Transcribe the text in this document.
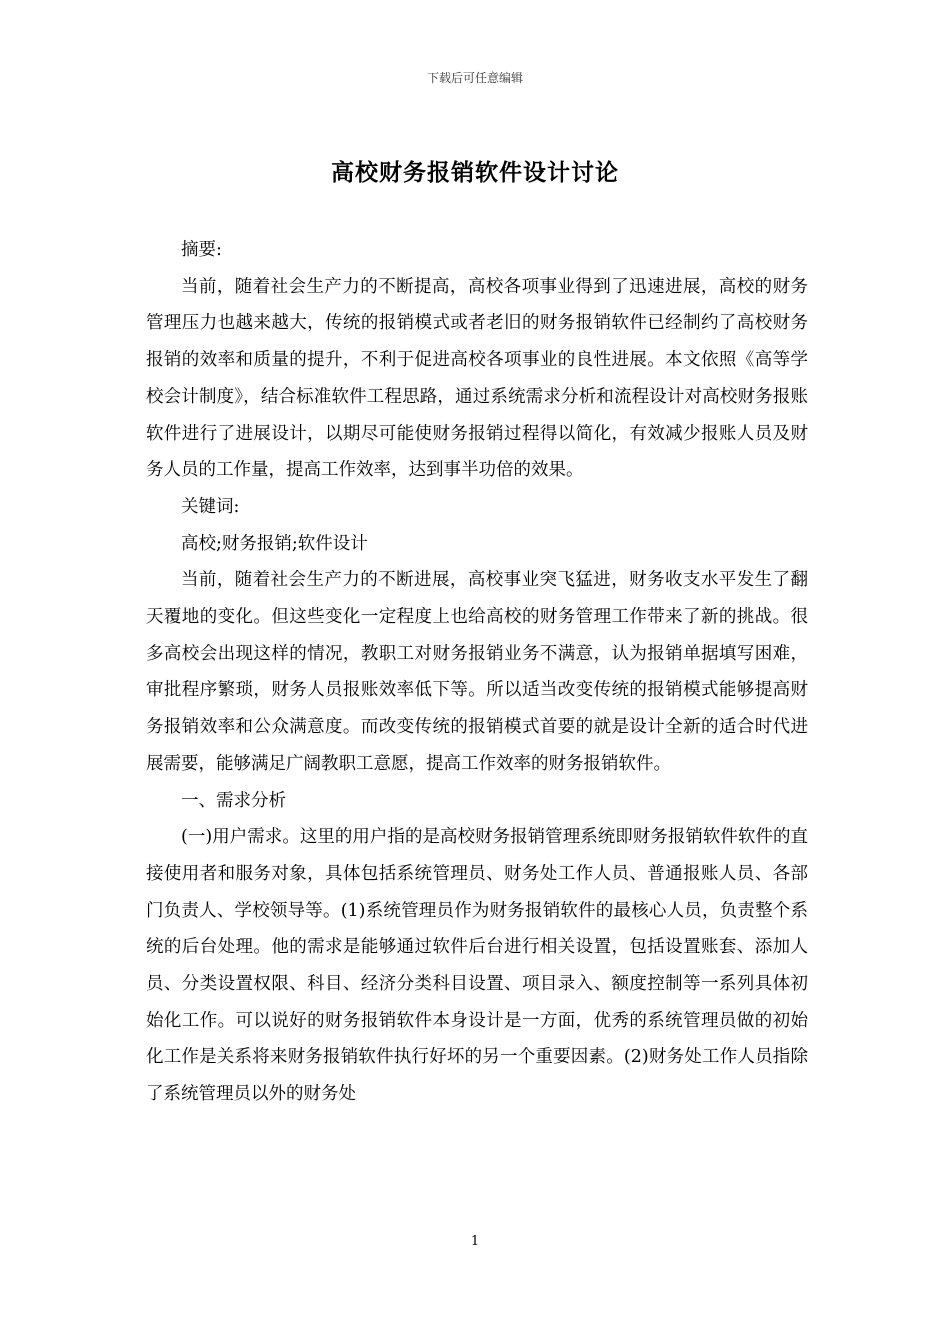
下载后可任意编辑
高校财务报销软件设计讨论

摘要:

当前，随着社会生产力的不断提高，高校各项事业得到了迅速进展，高校的财务管理压力也越来越大，传统的报销模式或者老旧的财务报销软件已经制约了高校财务报销的效率和质量的提升，不利于促进高校各项事业的良性进展。本文依照《高等学校会计制度》，结合标准软件工程思路，通过系统需求分析和流程设计对高校财务报账软件进行了进展设计，以期尽可能使财务报销过程得以简化，有效减少报账人员及财务人员的工作量，提高工作效率，达到事半功倍的效果。

关键词:

高校;财务报销;软件设计

当前，随着社会生产力的不断进展，高校事业突飞猛进，财务收支水平发生了翻天覆地的变化。但这些变化一定程度上也给高校的财务管理工作带来了新的挑战。很多高校会出现这样的情况，教职工对财务报销业务不满意，认为报销单据填写困难，审批程序繁琐，财务人员报账效率低下等。所以适当改变传统的报销模式能够提高财务报销效率和公众满意度。而改变传统的报销模式首要的就是设计全新的适合时代进展需要，能够满足广阔教职工意愿，提高工作效率的财务报销软件。

一、需求分析

(一)用户需求。这里的用户指的是高校财务报销管理系统即财务报销软件软件的直接使用者和服务对象，具体包括系统管理员、财务处工作人员、普通报账人员、各部门负责人、学校领导等。(1)系统管理员作为财务报销软件的最核心人员，负责整个系统的后台处理。他的需求是能够通过软件后台进行相关设置，包括设置账套、添加人员、分类设置权限、科目、经济分类科目设置、项目录入、额度控制等一系列具体初始化工作。可以说好的财务报销软件本身设计是一方面，优秀的系统管理员做的初始化工作是关系将来财务报销软件执行好坏的另一个重要因素。(2)财务处工作人员指除了系统管理员以外的财务处

1
